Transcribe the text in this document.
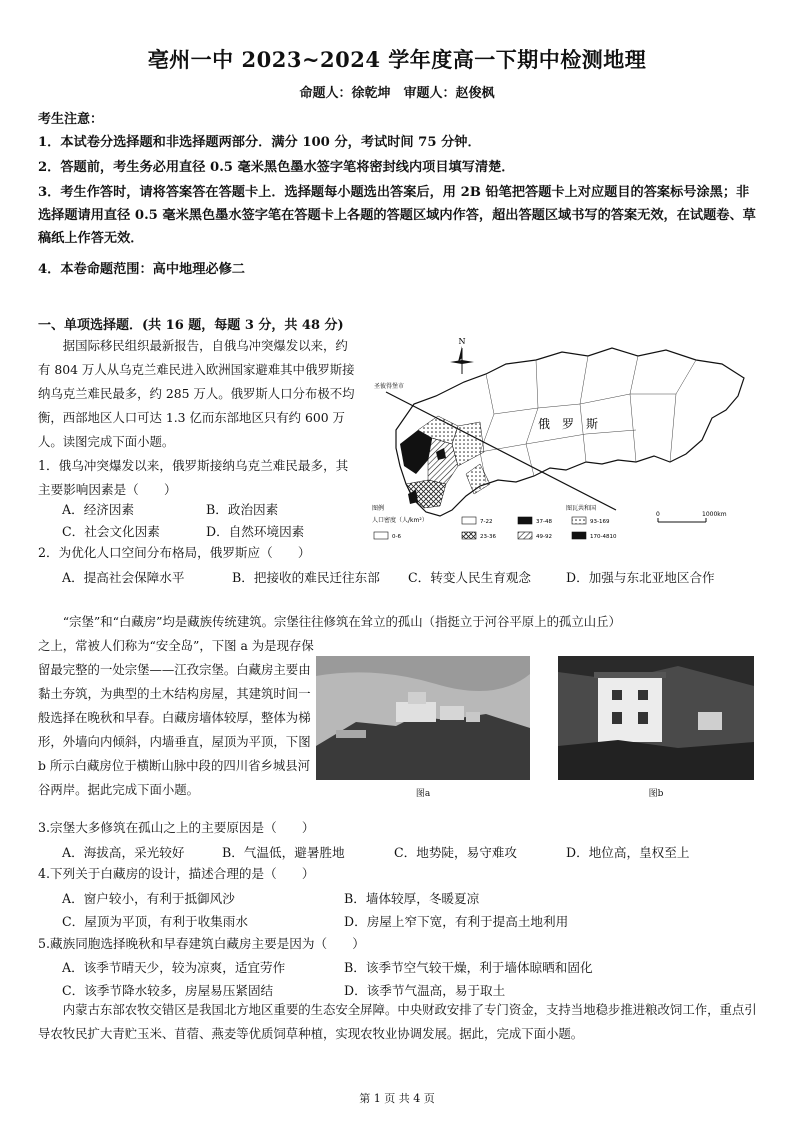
亳州一中 2023~2024 学年度高一下期中检测地理
命题人：徐乾坤　审题人：赵俊枫
考生注意：
1．本试卷分选择题和非选择题两部分．满分 100 分，考试时间 75 分钟．
2．答题前，考生务必用直径 0.5 毫米黑色墨水签字笔将密封线内项目填写清楚．
3．考生作答时，请将答案答在答题卡上．选择题每小题选出答案后，用 2B 铅笔把答题卡上对应题目的答案标号涂黑；非选择题请用直径 0.5 毫米黑色墨水签字笔在答题卡上各题的答题区域内作答，超出答题区域书写的答案无效，在试题卷、草稿纸上作答无效．
4．本卷命题范围：高中地理必修二
一、单项选择题．(共 16 题，每题 3 分，共 48 分)
据国际移民组织最新报告，自俄乌冲突爆发以来，约有 804 万人从乌克兰难民进入欧洲国家避难其中俄罗斯接纳乌克兰难民最多，约 285 万人。俄罗斯人口分布极不均衡，西部地区人口可达 1.3 亿而东部地区只有约 600 万人。读图完成下面小题。
1．俄乌冲突爆发以来，俄罗斯接纳乌克兰难民最多，其主要影响因素是（　　）
A．经济因素	B．政治因素
C．社会文化因素	D．自然环境因素
2．为优化人口空间分布格局，俄罗斯应（　　）
A．提高社会保障水平	B．把接收的难民迁往东部 C．转变人民生育观念	D．加强与东北亚地区合作
N
圣彼得堡市
俄　罗　斯
图瓦共和国
图例
人口密度（人/km²）
0-6
7-22
23-36
37-48
49-92
93-169
170-4810
0	1000km
“宗堡”和“白藏房”均是藏族传统建筑。宗堡往往修筑在耸立的孤山（指挺立于河谷平原上的孤立山丘）
之上，常被人们称为“安全岛”，下图 a 为是现存保留最完整的一处宗堡——江孜宗堡。白藏房主要由黏土夯筑，为典型的土木结构房屋，其建筑时间一般选择在晚秋和早春。白藏房墙体较厚，整体为梯形，外墙向内倾斜，内墙垂直，屋顶为平顶，下图 b 所示白藏房位于横断山脉中段的四川省乡城县河谷两岸。据此完成下面小题。	图a	图b
3.宗堡大多修筑在孤山之上的主要原因是（　　）
A．海拔高，采光较好	B．气温低，避暑胜地	C．地势陡，易守难攻	D．地位高，皇权至上
4.下列关于白藏房的设计，描述合理的是（　　）
A．窗户较小，有利于抵御风沙	B．墙体较厚，冬暖夏凉
C．屋顶为平顶，有利于收集雨水	D．房屋上窄下宽，有利于提高土地利用
5.藏族同胞选择晚秋和早春建筑白藏房主要是因为（　　）
A．该季节晴天少，较为凉爽，适宜劳作	B．该季节空气较干燥，利于墙体晾晒和固化
C．该季节降水较多，房屋易压紧固结	D．该季节气温高，易于取土
内蒙古东部农牧交错区是我国北方地区重要的生态安全屏障。中央财政安排了专门资金，支持当地稳步推进粮改饲工作，重点引导农牧民扩大青贮玉米、苜蓿、燕麦等优质饲草种植，实现农牧业协调发展。据此，完成下面小题。
第 1 页 共 4 页
